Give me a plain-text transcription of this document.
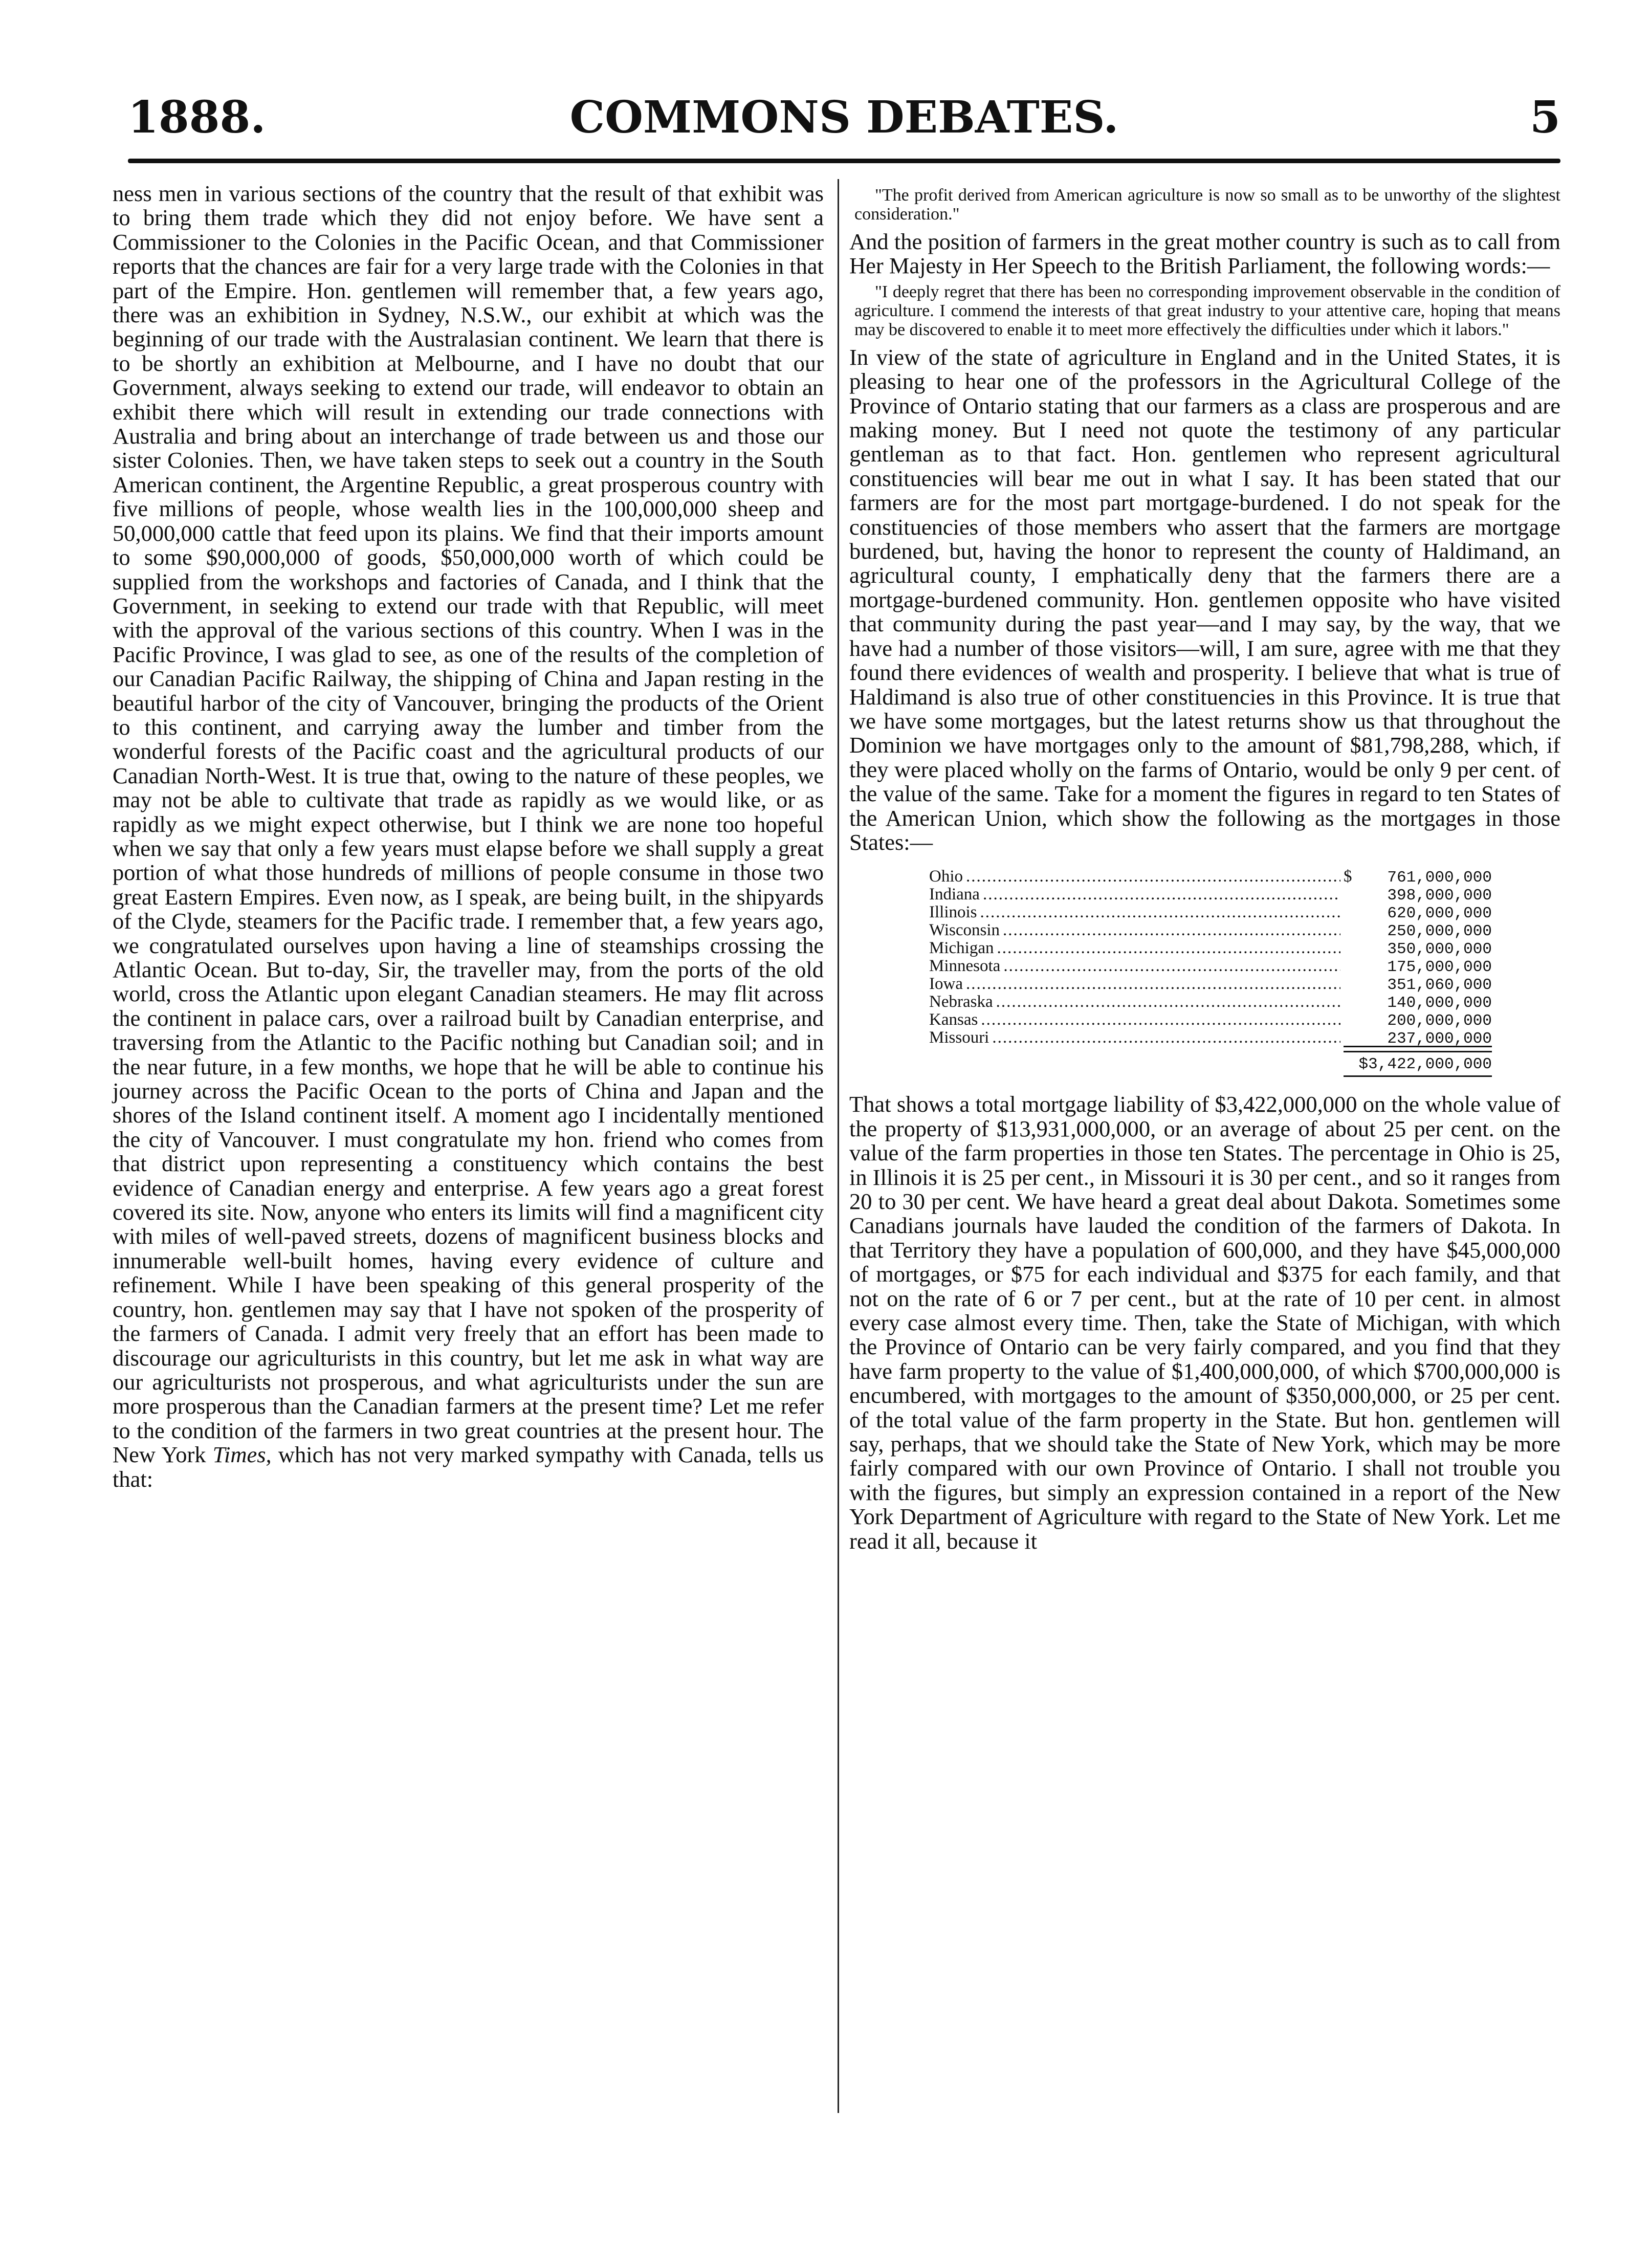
1888.	COMMONS DEBATES.	5

ness men in various sections of the country that the result of that exhibit was to bring them trade which they did not enjoy before. We have sent a Commissioner to the Colonies in the Pacific Ocean, and that Commissioner reports that the chances are fair for a very large trade with the Colonies in that part of the Empire. Hon. gentlemen will remember that, a few years ago, there was an exhibition in Sydney, N.S.W., our exhibit at which was the beginning of our trade with the Australasian continent. We learn that there is to be shortly an exhibition at Melbourne, and I have no doubt that our Government, always seeking to extend our trade, will endeavor to obtain an exhibit there which will result in extending our trade connections with Australia and bring about an interchange of trade between us and those our sister Colonies. Then, we have taken steps to seek out a country in the South American continent, the Argentine Republic, a great prosperous country with five millions of people, whose wealth lies in the 100,000,000 sheep and 50,000,000 cattle that feed upon its plains. We find that their imports amount to some $90,000,000 of goods, $50,000,000 worth of which could be supplied from the workshops and factories of Canada, and I think that the Government, in seeking to extend our trade with that Republic, will meet with the approval of the various sections of this country. When I was in the Pacific Province, I was glad to see, as one of the results of the completion of our Canadian Pacific Railway, the shipping of China and Japan resting in the beautiful harbor of the city of Vancouver, bringing the products of the Orient to this continent, and carrying away the lumber and timber from the wonderful forests of the Pacific coast and the agricultural products of our Canadian North-West. It is true that, owing to the nature of these peoples, we may not be able to cultivate that trade as rapidly as we would like, or as rapidly as we might expect otherwise, but I think we are none too hopeful when we say that only a few years must elapse before we shall supply a great portion of what those hundreds of millions of people consume in those two great Eastern Empires. Even now, as I speak, are being built, in the shipyards of the Clyde, steamers for the Pacific trade. I remember that, a few years ago, we congratulated ourselves upon having a line of steamships crossing the Atlantic Ocean. But to-day, Sir, the traveller may, from the ports of the old world, cross the Atlantic upon elegant Canadian steamers. He may flit across the continent in palace cars, over a railroad built by Canadian enterprise, and traversing from the Atlantic to the Pacific nothing but Canadian soil; and in the near future, in a few months, we hope that he will be able to continue his journey across the Pacific Ocean to the ports of China and Japan and the shores of the Island continent itself. A moment ago I incidentally mentioned the city of Vancouver. I must congratulate my hon. friend who comes from that district upon representing a constituency which contains the best evidence of Canadian energy and enterprise. A few years ago a great forest covered its site. Now, anyone who enters its limits will find a magnificent city with miles of well-paved streets, dozens of magnificent business blocks and innumerable well-built homes, having every evidence of culture and refinement. While I have been speaking of this general prosperity of the country, hon. gentlemen may say that I have not spoken of the prosperity of the farmers of Canada. I admit very freely that an effort has been made to discourage our agriculturists in this country, but let me ask in what way are our agriculturists not prosperous, and what agriculturists under the sun are more prosperous than the Canadian farmers at the present time? Let me refer to the condition of the farmers in two great countries at the present hour. The New York Times, which has not very marked sympathy with Canada, tells us that:

"The profit derived from American agriculture is now so small as to be unworthy of the slightest consideration."

And the position of farmers in the great mother country is such as to call from Her Majesty in Her Speech to the British Parliament, the following words:—

"I deeply regret that there has been no corresponding improvement observable in the condition of agriculture. I commend the interests of that great industry to your attentive care, hoping that means may be discovered to enable it to meet more effectively the difficulties under which it labors."

In view of the state of agriculture in England and in the United States, it is pleasing to hear one of the professors in the Agricultural College of the Province of Ontario stating that our farmers as a class are prosperous and are making money. But I need not quote the testimony of any particular gentleman as to that fact. Hon. gentlemen who represent agricultural constituencies will bear me out in what I say. It has been stated that our farmers are for the most part mortgage-burdened. I do not speak for the constituencies of those members who assert that the farmers are mortgage burdened, but, having the honor to represent the county of Haldimand, an agricultural county, I emphatically deny that the farmers there are a mortgage-burdened community. Hon. gentlemen opposite who have visited that community during the past year—and I may say, by the way, that we have had a number of those visitors—will, I am sure, agree with me that they found there evidences of wealth and prosperity. I believe that what is true of Haldimand is also true of other constituencies in this Province. It is true that we have some mortgages, but the latest returns show us that throughout the Dominion we have mortgages only to the amount of $81,798,288, which, if they were placed wholly on the farms of Ontario, would be only 9 per cent. of the value of the same. Take for a moment the figures in regard to ten States of the American Union, which show the following as the mortgages in those States:—

Ohio .....	$	761,000,000
Indiana .....	398,000,000
Illinois .....	620,000,000
Wisconsin .....	250,000,000
Michigan .....	350,000,000
Minnesota .....	175,000,000
Iowa .....	351,060,000
Nebraska .....	140,000,000
Kansas .....	200,000,000
Missouri .....	237,000,000
$3,422,000,000

That shows a total mortgage liability of $3,422,000,000 on the whole value of the property of $13,931,000,000, or an average of about 25 per cent. on the value of the farm properties in those ten States. The percentage in Ohio is 25, in Illinois it is 25 per cent., in Missouri it is 30 per cent., and so it ranges from 20 to 30 per cent. We have heard a great deal about Dakota. Sometimes some Canadians journals have lauded the condition of the farmers of Dakota. In that Territory they have a population of 600,000, and they have $45,000,000 of mortgages, or $75 for each individual and $375 for each family, and that not on the rate of 6 or 7 per cent., but at the rate of 10 per cent. in almost every case almost every time. Then, take the State of Michigan, with which the Province of Ontario can be very fairly compared, and you find that they have farm property to the value of $1,400,000,000, of which $700,000,000 is encumbered, with mortgages to the amount of $350,000,000, or 25 per cent. of the total value of the farm property in the State. But hon. gentlemen will say, perhaps, that we should take the State of New York, which may be more fairly compared with our own Province of Ontario. I shall not trouble you with the figures, but simply an expression contained in a report of the New York Department of Agriculture with regard to the State of New York. Let me read it all, because it
